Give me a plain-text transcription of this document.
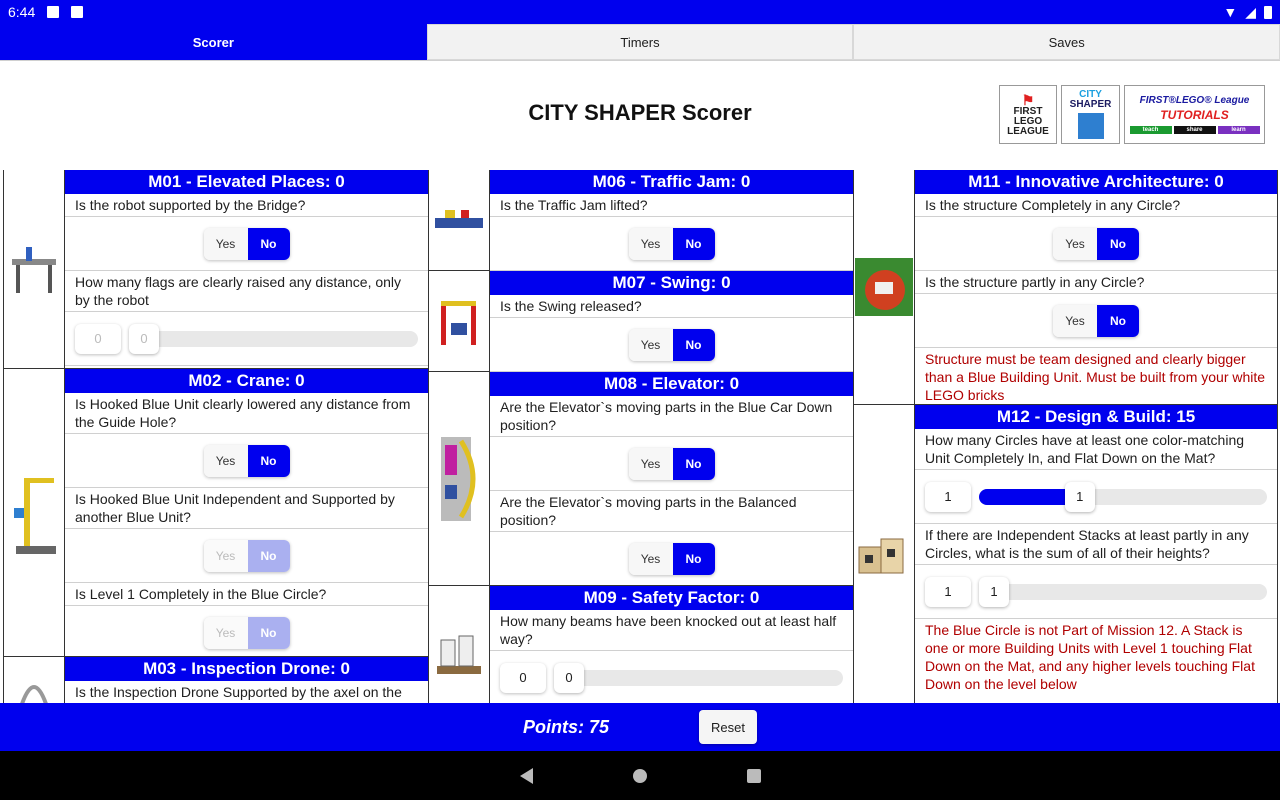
6:44	▼ ◢
Scorer	Timers	Saves
CITY SHAPER Scorer
⚑
FIRST
LEGO
LEAGUE
CITY
SHAPER	FIRST®LEGO® League
TUTORIALS
teach	share	learn
M01 - Elevated Places: 0
Is the robot supported by the Bridge?
Yes	No
How many flags are clearly raised any distance, only by the robot
0	0
M02 - Crane: 0
Is Hooked Blue Unit clearly lowered any distance from the Guide Hole?
Yes	No
Is Hooked Blue Unit Independent and Supported by another Blue Unit?
Yes	No
Is Level 1 Completely in the Blue Circle?
Yes	No
M03 - Inspection Drone: 0
Is the Inspection Drone Supported by the axel on the
M06 - Traffic Jam: 0
Is the Traffic Jam lifted?
Yes	No
M07 - Swing: 0
Is the Swing released?
Yes	No
M08 - Elevator: 0
Are the Elevator`s moving parts in the Blue Car Down position?
Yes	No
Are the Elevator`s moving parts in the Balanced position?
Yes	No
M09 - Safety Factor: 0
How many beams have been knocked out at least half way?
0	0
M11 - Innovative Architecture: 0
Is the structure Completely in any Circle?
Yes	No
Is the structure partly in any Circle?
Yes	No
Structure must be team designed and clearly bigger than a Blue Building Unit. Must be built from your white LEGO bricks
M12 - Design & Build: 15
How many Circles have at least one color-matching Unit Completely In, and Flat Down on the Mat?
1	1
If there are Independent Stacks at least partly in any Circles, what is the sum of all of their heights?
1	1
The Blue Circle is not Part of Mission 12. A Stack is one or more Building Units with Level 1 touching Flat Down on the Mat, and any higher levels touching Flat Down on the level below
Points: 75	Reset
